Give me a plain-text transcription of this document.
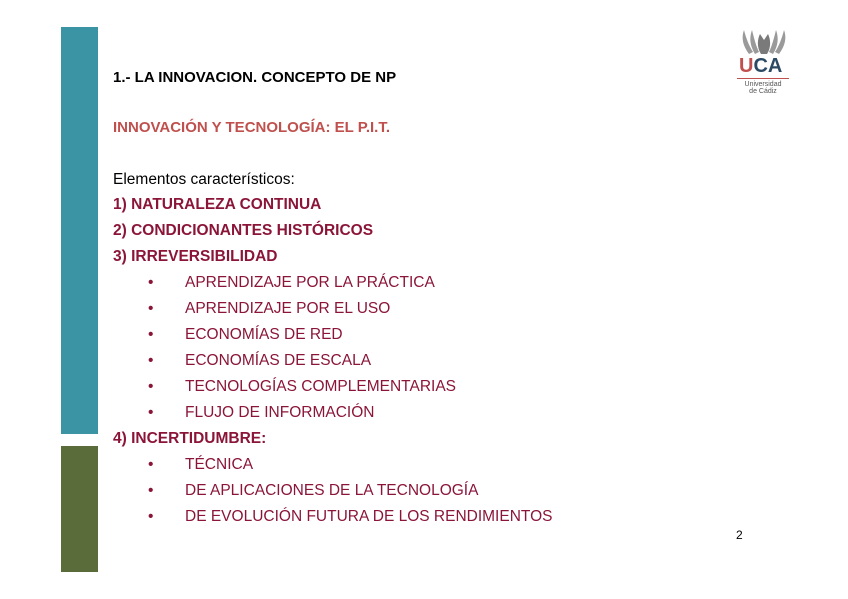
UCA
Universidad
de Cádiz
1.- LA INNOVACION. CONCEPTO DE NP
INNOVACIÓN Y TECNOLOGÍA: EL P.I.T.
Elementos característicos:
1) NATURALEZA CONTINUA
2) CONDICIONANTES HISTÓRICOS
3) IRREVERSIBILIDAD
• APRENDIZAJE POR LA PRÁCTICA
• APRENDIZAJE POR EL USO
• ECONOMÍAS DE RED
• ECONOMÍAS DE ESCALA
• TECNOLOGÍAS COMPLEMENTARIAS
• FLUJO DE INFORMACIÓN
4) INCERTIDUMBRE:
• TÉCNICA
• DE APLICACIONES DE LA TECNOLOGÍA
• DE EVOLUCIÓN FUTURA DE LOS RENDIMIENTOS
2
